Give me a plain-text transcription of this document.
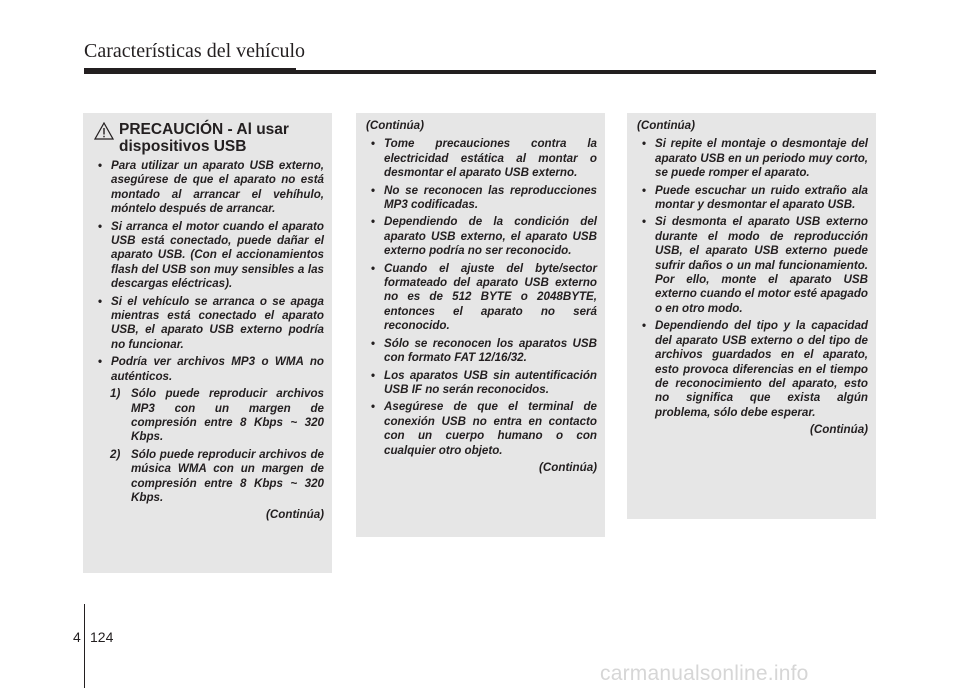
Características del vehículo
PRECAUCIÓN - Al usar dispositivos USB
• Para utilizar un aparato USB externo, asegúrese de que el aparato no está montado al arrancar el vehíhulo, móntelo después de arrancar.
• Si arranca el motor cuando el aparato USB está conectado, puede dañar el aparato USB. (Con el accionamientos flash del USB son muy sensibles a las descargas eléctricas).
• Si el vehículo se arranca o se apaga mientras está conectado el aparato USB, el aparato USB externo podría no funcionar.
• Podría ver archivos MP3 o WMA no auténticos.
1) Sólo puede reproducir archivos MP3 con un margen de compresión entre 8 Kbps ~ 320 Kbps.
2) Sólo puede reproducir archivos de música WMA con un margen de compresión entre 8 Kbps ~ 320 Kbps.
(Continúa)
(Continúa)
• Tome precauciones contra la electricidad estática al montar o desmontar el aparato USB externo.
• No se reconocen las reproducciones MP3 codificadas.
• Dependiendo de la condición del aparato USB externo, el aparato USB externo podría no ser reconocido.
• Cuando el ajuste del byte/sector formateado del aparato USB externo no es de 512 BYTE o 2048BYTE, entonces el aparato no será reconocido.
• Sólo se reconocen los aparatos USB con formato FAT 12/16/32.
• Los aparatos USB sin autentificación USB IF no serán reconocidos.
• Asegúrese de que el terminal de conexión USB no entra en contacto con un cuerpo humano o con cualquier otro objeto.
(Continúa)
(Continúa)
• Si repite el montaje o desmontaje del aparato USB en un periodo muy corto, se puede romper el aparato.
• Puede escuchar un ruido extraño ala montar y desmontar el aparato USB.
• Si desmonta el aparato USB externo durante el modo de reproducción USB, el aparato USB externo puede sufrir daños o un mal funcionamiento. Por ello, monte el aparato USB externo cuando el motor esté apagado o en otro modo.
• Dependiendo del tipo y la capacidad del aparato USB externo o del tipo de archivos guardados en el aparato, esto provoca diferencias en el tiempo de reconocimiento del aparato, esto no significa que exista algún problema, sólo debe esperar.
(Continúa)
4 124
carmanualsonline.info
